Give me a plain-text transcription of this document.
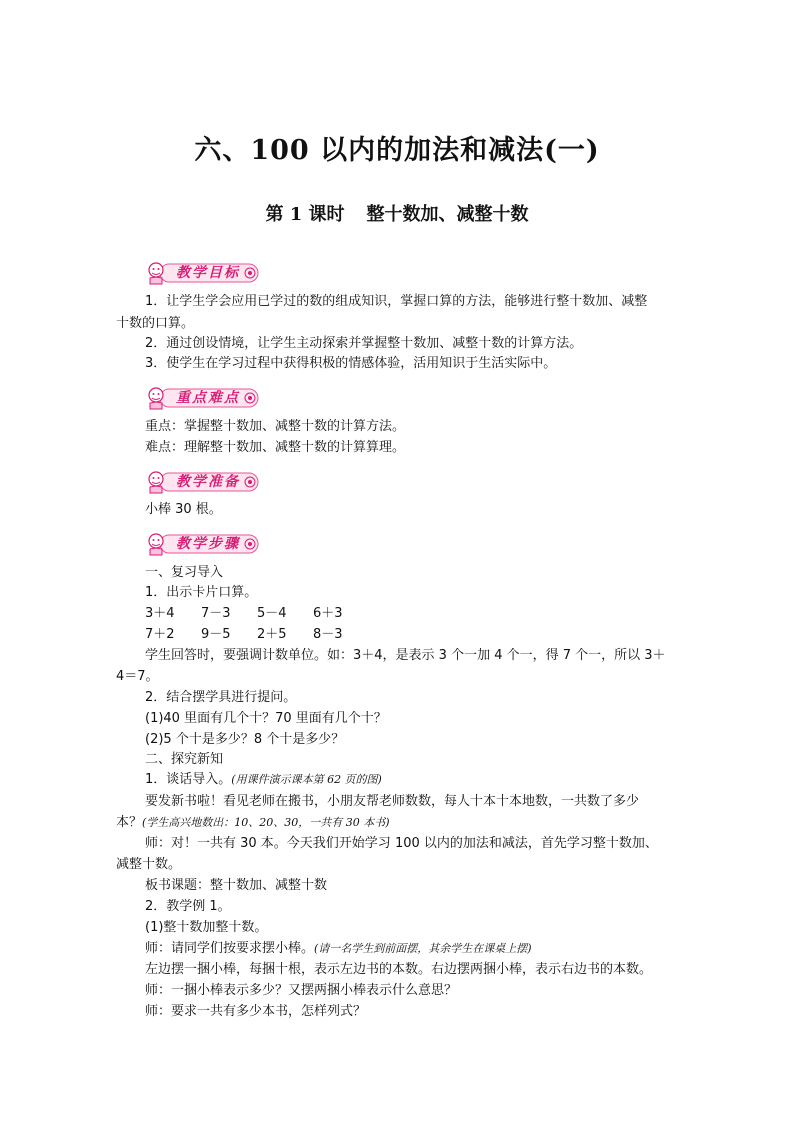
六、100 以内的加法和减法(一)
第 1 课时 整十数加、减整十数
教学目标
1．让学生学会应用已学过的数的组成知识，掌握口算的方法，能够进行整十数加、减整
十数的口算。
2．通过创设情境，让学生主动探索并掌握整十数加、减整十数的计算方法。
3．使学生在学习过程中获得积极的情感体验，活用知识于生活实际中。
重点难点
重点：掌握整十数加、减整十数的计算方法。
难点：理解整十数加、减整十数的计算算理。
教学准备
小棒 30 根。
教学步骤
一、复习导入
1．出示卡片口算。
3＋4 7－3 5－4 6＋3
7＋2 9－5 2＋5 8－3
学生回答时，要强调计数单位。如：3＋4，是表示 3 个一加 4 个一，得 7 个一，所以 3＋
4＝7。
2．结合摆学具进行提问。
(1)40 里面有几个十？70 里面有几个十？
(2)5 个十是多少？8 个十是多少？
二、探究新知
1．谈话导入。(用课件演示课本第 62 页的图)
要发新书啦！看见老师在搬书，小朋友帮老师数数，每人十本十本地数，一共数了多少
本？(学生高兴地数出：10、20、30，一共有 30 本书)
师：对！一共有 30 本。今天我们开始学习 100 以内的加法和减法，首先学习整十数加、
减整十数。
板书课题：整十数加、减整十数
2．教学例 1。
(1)整十数加整十数。
师：请同学们按要求摆小棒。(请一名学生到前面摆，其余学生在课桌上摆)
左边摆一捆小棒，每捆十根，表示左边书的本数。右边摆两捆小棒，表示右边书的本数。
师：一捆小棒表示多少？又摆两捆小棒表示什么意思？
师：要求一共有多少本书，怎样列式？
